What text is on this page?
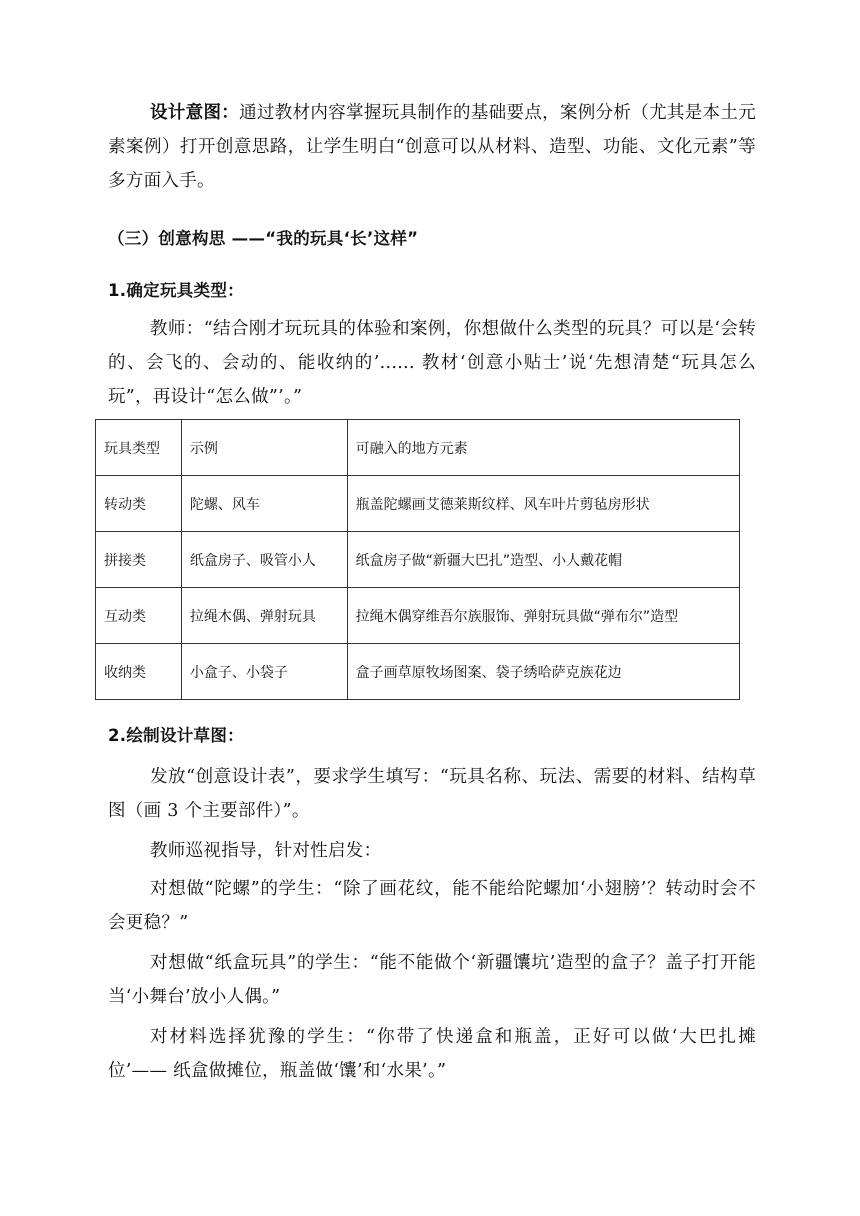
设计意图：通过教材内容掌握玩具制作的基础要点，案例分析（尤其是本土元素案例）打开创意思路，让学生明白“创意可以从材料、造型、功能、文化元素”等多方面入手。

（三）创意构思 ——“我的玩具‘长’这样”

1.确定玩具类型：

教师：“结合刚才玩玩具的体验和案例，你想做什么类型的玩具？可以是‘会转的、会飞的、会动的、能收纳的’...... 教材‘创意小贴士’说‘先想清楚“玩具怎么玩”，再设计“怎么做”’。”

玩具类型	示例	可融入的地方元素
转动类	陀螺、风车	瓶盖陀螺画艾德莱斯纹样、风车叶片剪毡房形状
拼接类	纸盒房子、吸管小人	纸盒房子做“新疆大巴扎”造型、小人戴花帽
互动类	拉绳木偶、弹射玩具	拉绳木偶穿维吾尔族服饰、弹射玩具做“弹布尔”造型
收纳类	小盒子、小袋子	盒子画草原牧场图案、袋子绣哈萨克族花边

2.绘制设计草图：

发放“创意设计表”，要求学生填写：“玩具名称、玩法、需要的材料、结构草图（画 3 个主要部件）”。

教师巡视指导，针对性启发：

对想做“陀螺”的学生：“除了画花纹，能不能给陀螺加‘小翅膀’？转动时会不会更稳？”

对想做“纸盒玩具”的学生：“能不能做个‘新疆馕坑’造型的盒子？盖子打开能当‘小舞台’放小人偶。”

对材料选择犹豫的学生：“你带了快递盒和瓶盖，正好可以做‘大巴扎摊位’—— 纸盒做摊位，瓶盖做‘馕’和‘水果’。”
